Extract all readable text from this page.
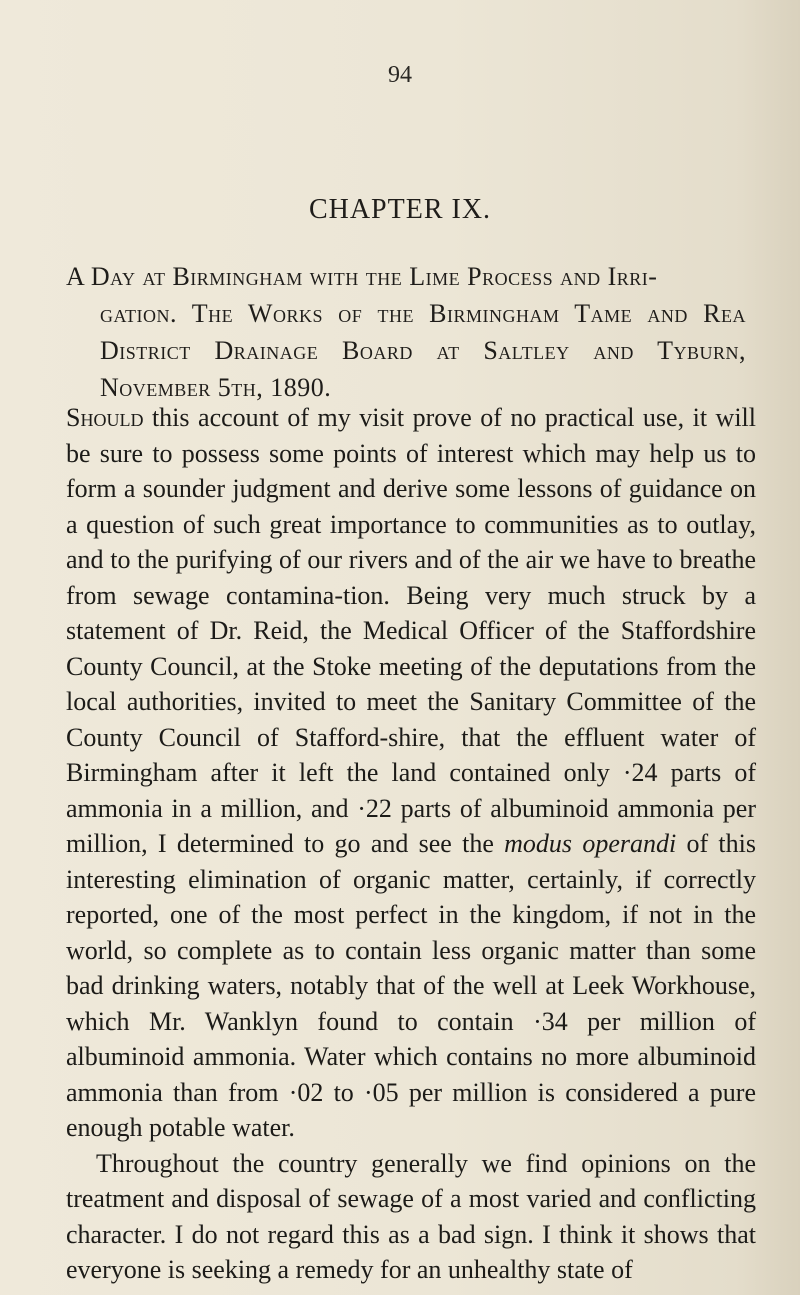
94
CHAPTER IX.
A Day at Birmingham with the Lime Process and Irri-
gation. The Works of the Birmingham Tame and Rea District Drainage Board at Saltley and Tyburn, November 5th, 1890.

Should this account of my visit prove of no practical use, it will be sure to possess some points of interest which may help us to form a sounder judgment and derive some lessons of guidance on a question of such great importance to communities as to outlay, and to the purifying of our rivers and of the air we have to breathe from sewage contamina-tion. Being very much struck by a statement of Dr. Reid, the Medical Officer of the Staffordshire County Council, at the Stoke meeting of the deputations from the local authorities, invited to meet the Sanitary Committee of the County Council of Stafford-shire, that the effluent water of Birmingham after it left the land contained only ·24 parts of ammonia in a million, and ·22 parts of albuminoid ammonia per million, I determined to go and see the modus operandi of this interesting elimination of organic matter, certainly, if correctly reported, one of the most perfect in the kingdom, if not in the world, so complete as to contain less organic matter than some bad drinking waters, notably that of the well at Leek Workhouse, which Mr. Wanklyn found to contain ·34 per million of albuminoid ammonia. Water which contains no more albuminoid ammonia than from ·02 to ·05 per million is considered a pure enough potable water.

Throughout the country generally we find opinions on the treatment and disposal of sewage of a most varied and conflicting character. I do not regard this as a bad sign. I think it shows that everyone is seeking a remedy for an unhealthy state of
